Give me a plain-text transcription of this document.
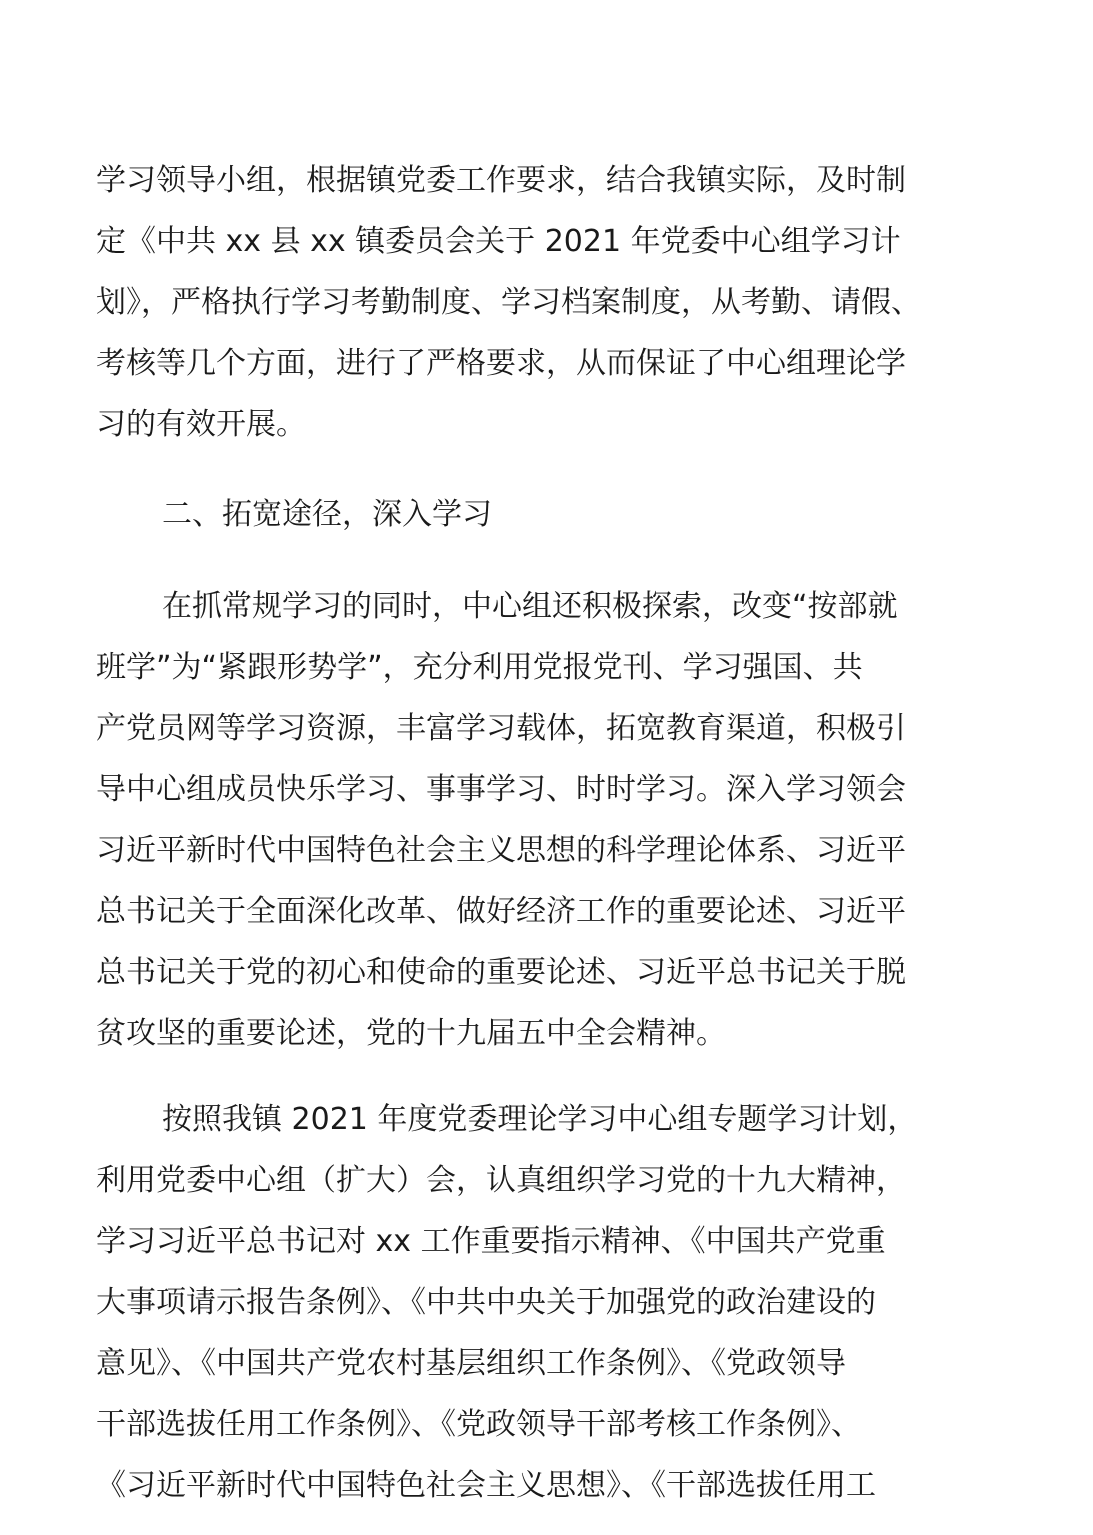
学习领导小组，根据镇党委工作要求，结合我镇实际，及时制
定《中共 xx 县 xx 镇委员会关于 2021 年党委中心组学习计
划》，严格执行学习考勤制度、学习档案制度，从考勤、请假、
考核等几个方面，进行了严格要求，从而保证了中心组理论学
习的有效开展。
二、拓宽途径，深入学习
在抓常规学习的同时，中心组还积极探索，改变“按部就
班学”为“紧跟形势学”，充分利用党报党刊、学习强国、共
产党员网等学习资源，丰富学习载体，拓宽教育渠道，积极引
导中心组成员快乐学习、事事学习、时时学习。深入学习领会
习近平新时代中国特色社会主义思想的科学理论体系、习近平
总书记关于全面深化改革、做好经济工作的重要论述、习近平
总书记关于党的初心和使命的重要论述、习近平总书记关于脱
贫攻坚的重要论述，党的十九届五中全会精神。
按照我镇 2021 年度党委理论学习中心组专题学习计划，
利用党委中心组（扩大）会，认真组织学习党的十九大精神，
学习习近平总书记对 xx 工作重要指示精神、《中国共产党重
大事项请示报告条例》、《中共中央关于加强党的政治建设的
意见》、《中国共产党农村基层组织工作条例》、《党政领导
干部选拔任用工作条例》、《党政领导干部考核工作条例》、
《习近平新时代中国特色社会主义思想》、《干部选拔任用工
